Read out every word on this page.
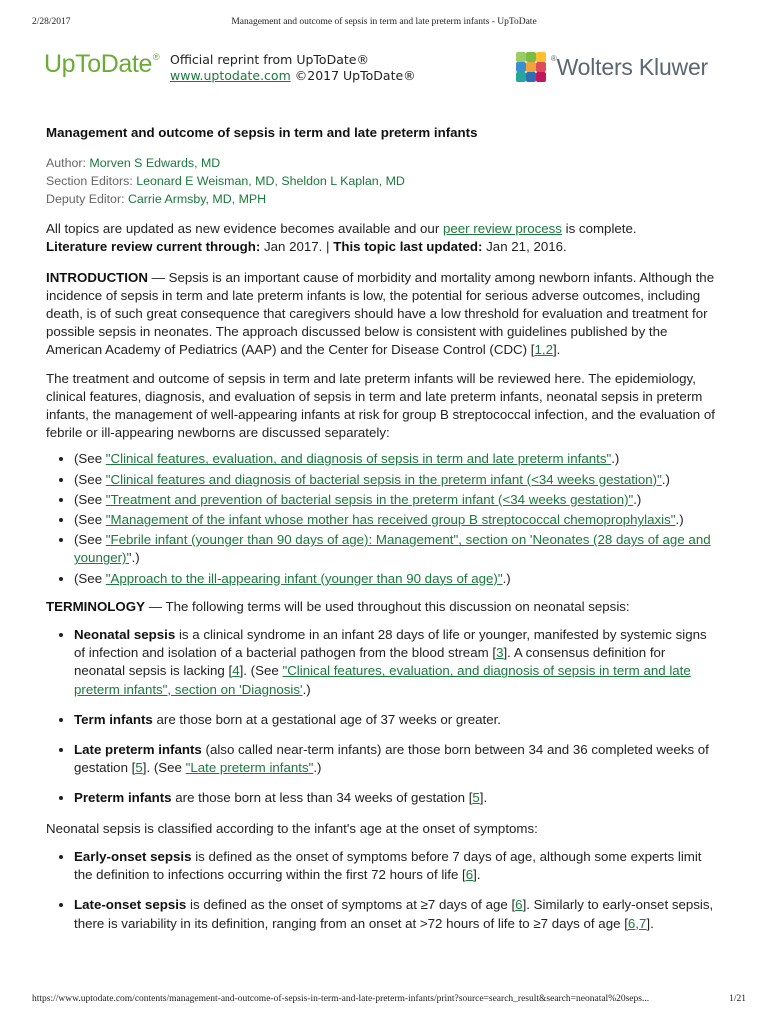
2/28/2017	Management and outcome of sepsis in term and late preterm infants - UpToDate
UpToDate® Official reprint from UpToDate®
www.uptodate.com ©2017 UpToDate®
®Wolters Kluwer
Management and outcome of sepsis in term and late preterm infants
Author: Morven S Edwards, MD
Section Editors: Leonard E Weisman, MD, Sheldon L Kaplan, MD
Deputy Editor: Carrie Armsby, MD, MPH

All topics are updated as new evidence becomes available and our peer review process is complete.
Literature review current through: Jan 2017. | This topic last updated: Jan 21, 2016.

INTRODUCTION — Sepsis is an important cause of morbidity and mortality among newborn infants. Although the incidence of sepsis in term and late preterm infants is low, the potential for serious adverse outcomes, including death, is of such great consequence that caregivers should have a low threshold for evaluation and treatment for possible sepsis in neonates. The approach discussed below is consistent with guidelines published by the American Academy of Pediatrics (AAP) and the Center for Disease Control (CDC) [1,2].

The treatment and outcome of sepsis in term and late preterm infants will be reviewed here. The epidemiology, clinical features, diagnosis, and evaluation of sepsis in term and late preterm infants, neonatal sepsis in preterm infants, the management of well-appearing infants at risk for group B streptococcal infection, and the evaluation of febrile or ill-appearing newborns are discussed separately:

• (See "Clinical features, evaluation, and diagnosis of sepsis in term and late preterm infants".)
• (See "Clinical features and diagnosis of bacterial sepsis in the preterm infant (<34 weeks gestation)".)
• (See "Treatment and prevention of bacterial sepsis in the preterm infant (<34 weeks gestation)".)
• (See "Management of the infant whose mother has received group B streptococcal chemoprophylaxis".)
• (See "Febrile infant (younger than 90 days of age): Management", section on 'Neonates (28 days of age and younger)''.)
• (See "Approach to the ill-appearing infant (younger than 90 days of age)".)

TERMINOLOGY — The following terms will be used throughout this discussion on neonatal sepsis:

• Neonatal sepsis is a clinical syndrome in an infant 28 days of life or younger, manifested by systemic signs of infection and isolation of a bacterial pathogen from the blood stream [3]. A consensus definition for neonatal sepsis is lacking [4]. (See "Clinical features, evaluation, and diagnosis of sepsis in term and late preterm infants", section on 'Diagnosis'.)
• Term infants are those born at a gestational age of 37 weeks or greater.
• Late preterm infants (also called near-term infants) are those born between 34 and 36 completed weeks of gestation [5]. (See "Late preterm infants".)
• Preterm infants are those born at less than 34 weeks of gestation [5].

Neonatal sepsis is classified according to the infant's age at the onset of symptoms:

• Early-onset sepsis is defined as the onset of symptoms before 7 days of age, although some experts limit the definition to infections occurring within the first 72 hours of life [6].
• Late-onset sepsis is defined as the onset of symptoms at ≥7 days of age [6]. Similarly to early-onset sepsis, there is variability in its definition, ranging from an onset at >72 hours of life to ≥7 days of age [6,7].
https://www.uptodate.com/contents/management-and-outcome-of-sepsis-in-term-and-late-preterm-infants/print?source=search_result&search=neonatal%20seps...	1/21
